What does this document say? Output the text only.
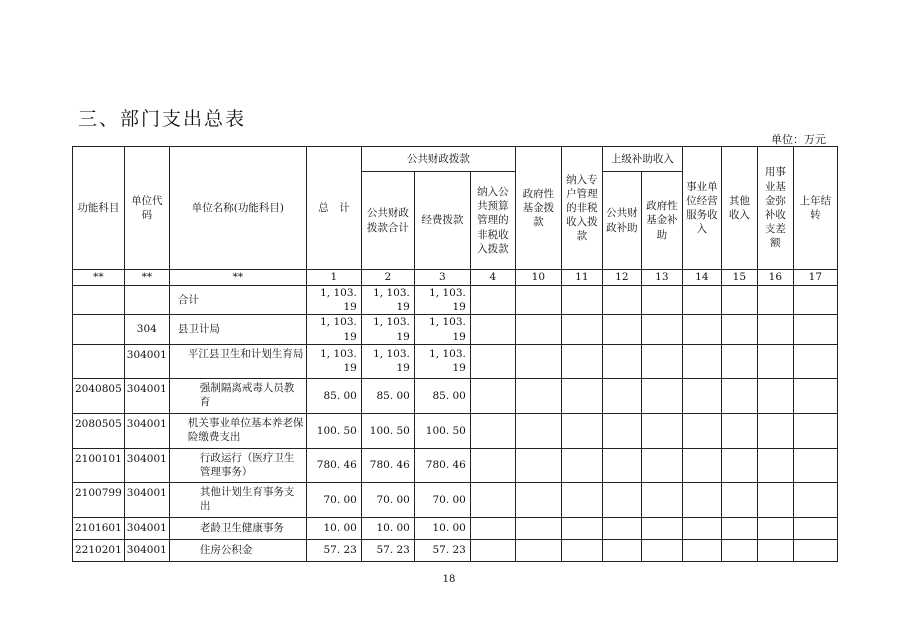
三、部门支出总表
单位：万元
功能科目	单位代码	单位名称(功能科目)	总　计	公共财政拨款			政府性基金拨款	纳入专户管理的非税收入拨款	上级补助收入		事业单位经营服务收入	其他收入	用事业基金弥补收支差额	上年结转
				公共财政拨款合计	经费拨款	纳入公共预算管理的非税收入拨款			公共财政补助	政府性基金补助				

**	**	**	1	2	3	4	10	11	12	13	14	15	16	17
		合计	1, 103. 19	1, 103. 19	1, 103. 19									
	304	县卫计局	1, 103. 19	1, 103. 19	1, 103. 19									
	304001	平江县卫生和计划生育局	1, 103. 19	1, 103. 19	1, 103. 19									
2040805	304001	强制隔离戒毒人员教育	85. 00	85. 00	85. 00									
2080505	304001	机关事业单位基本养老保险缴费支出	100. 50	100. 50	100. 50									
2100101	304001	行政运行（医疗卫生管理事务）	780. 46	780. 46	780. 46									
2100799	304001	其他计划生育事务支出	70. 00	70. 00	70. 00									
2101601	304001	老龄卫生健康事务	10. 00	10. 00	10. 00									
2210201	304001	住房公积金	57. 23	57. 23	57. 23									
18
